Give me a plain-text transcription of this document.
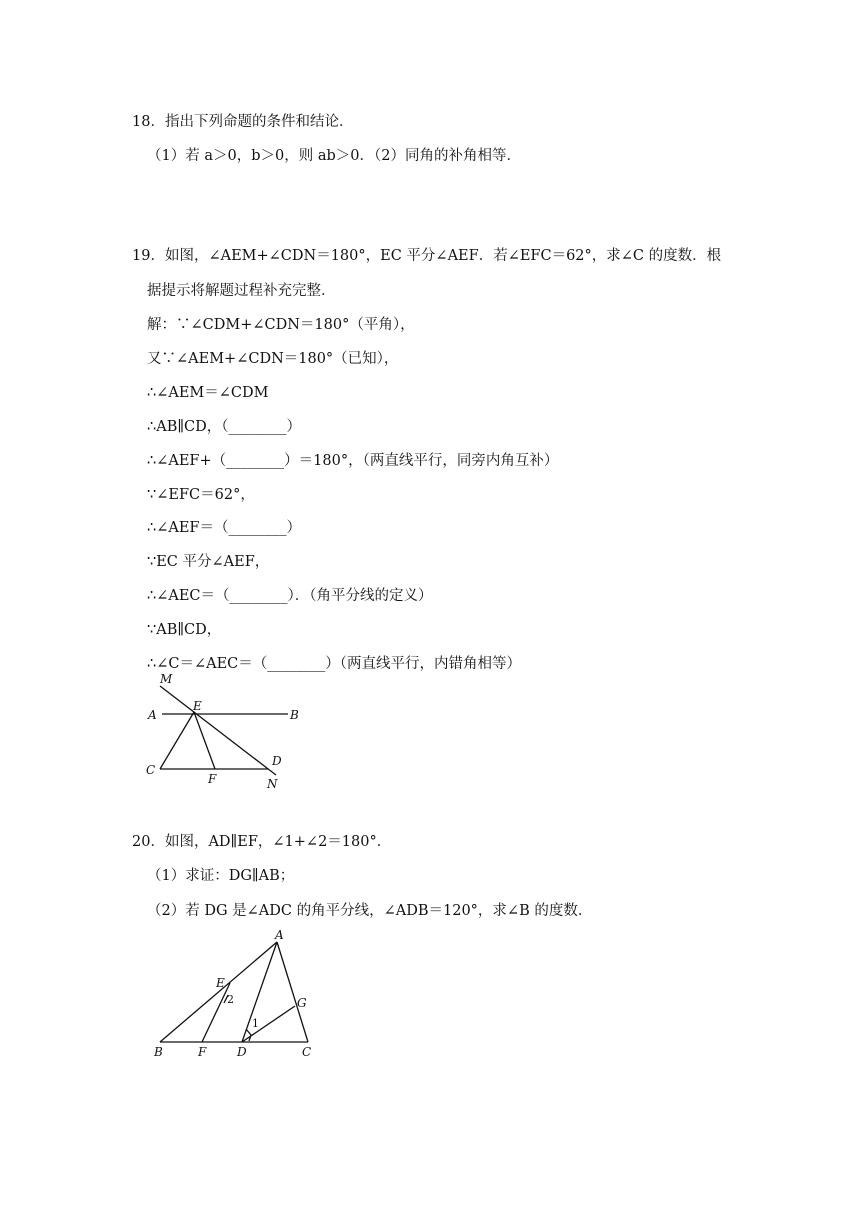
18．指出下列命题的条件和结论．
（1）若 a＞0，b＞0，则 ab＞0．（2）同角的补角相等．
19．如图，∠AEM+∠CDN＝180°，EC 平分∠AEF．若∠EFC＝62°，求∠C 的度数．根
据提示将解题过程补充完整．
解：∵∠CDM+∠CDN＝180°（平角），
又∵∠AEM+∠CDN＝180°（已知），
∴∠AEM＝∠CDM
∴AB∥CD，（________）
∴∠AEF+（________）＝180°，（两直线平行，同旁内角互补）
∵∠EFC＝62°，
∴∠AEF＝（________）
∵EC 平分∠AEF，
∴∠AEC＝（________）．（角平分线的定义）
∵AB∥CD，
∴∠C＝∠AEC＝（________）（两直线平行，内错角相等）
M
A
E
B
C
F
D
N
20．如图，AD∥EF，∠1+∠2＝180°．
（1）求证：DG∥AB；
（2）若 DG 是∠ADC 的角平分线，∠ADB＝120°，求∠B 的度数．
A
E
2	G
1
B	F	D	C
